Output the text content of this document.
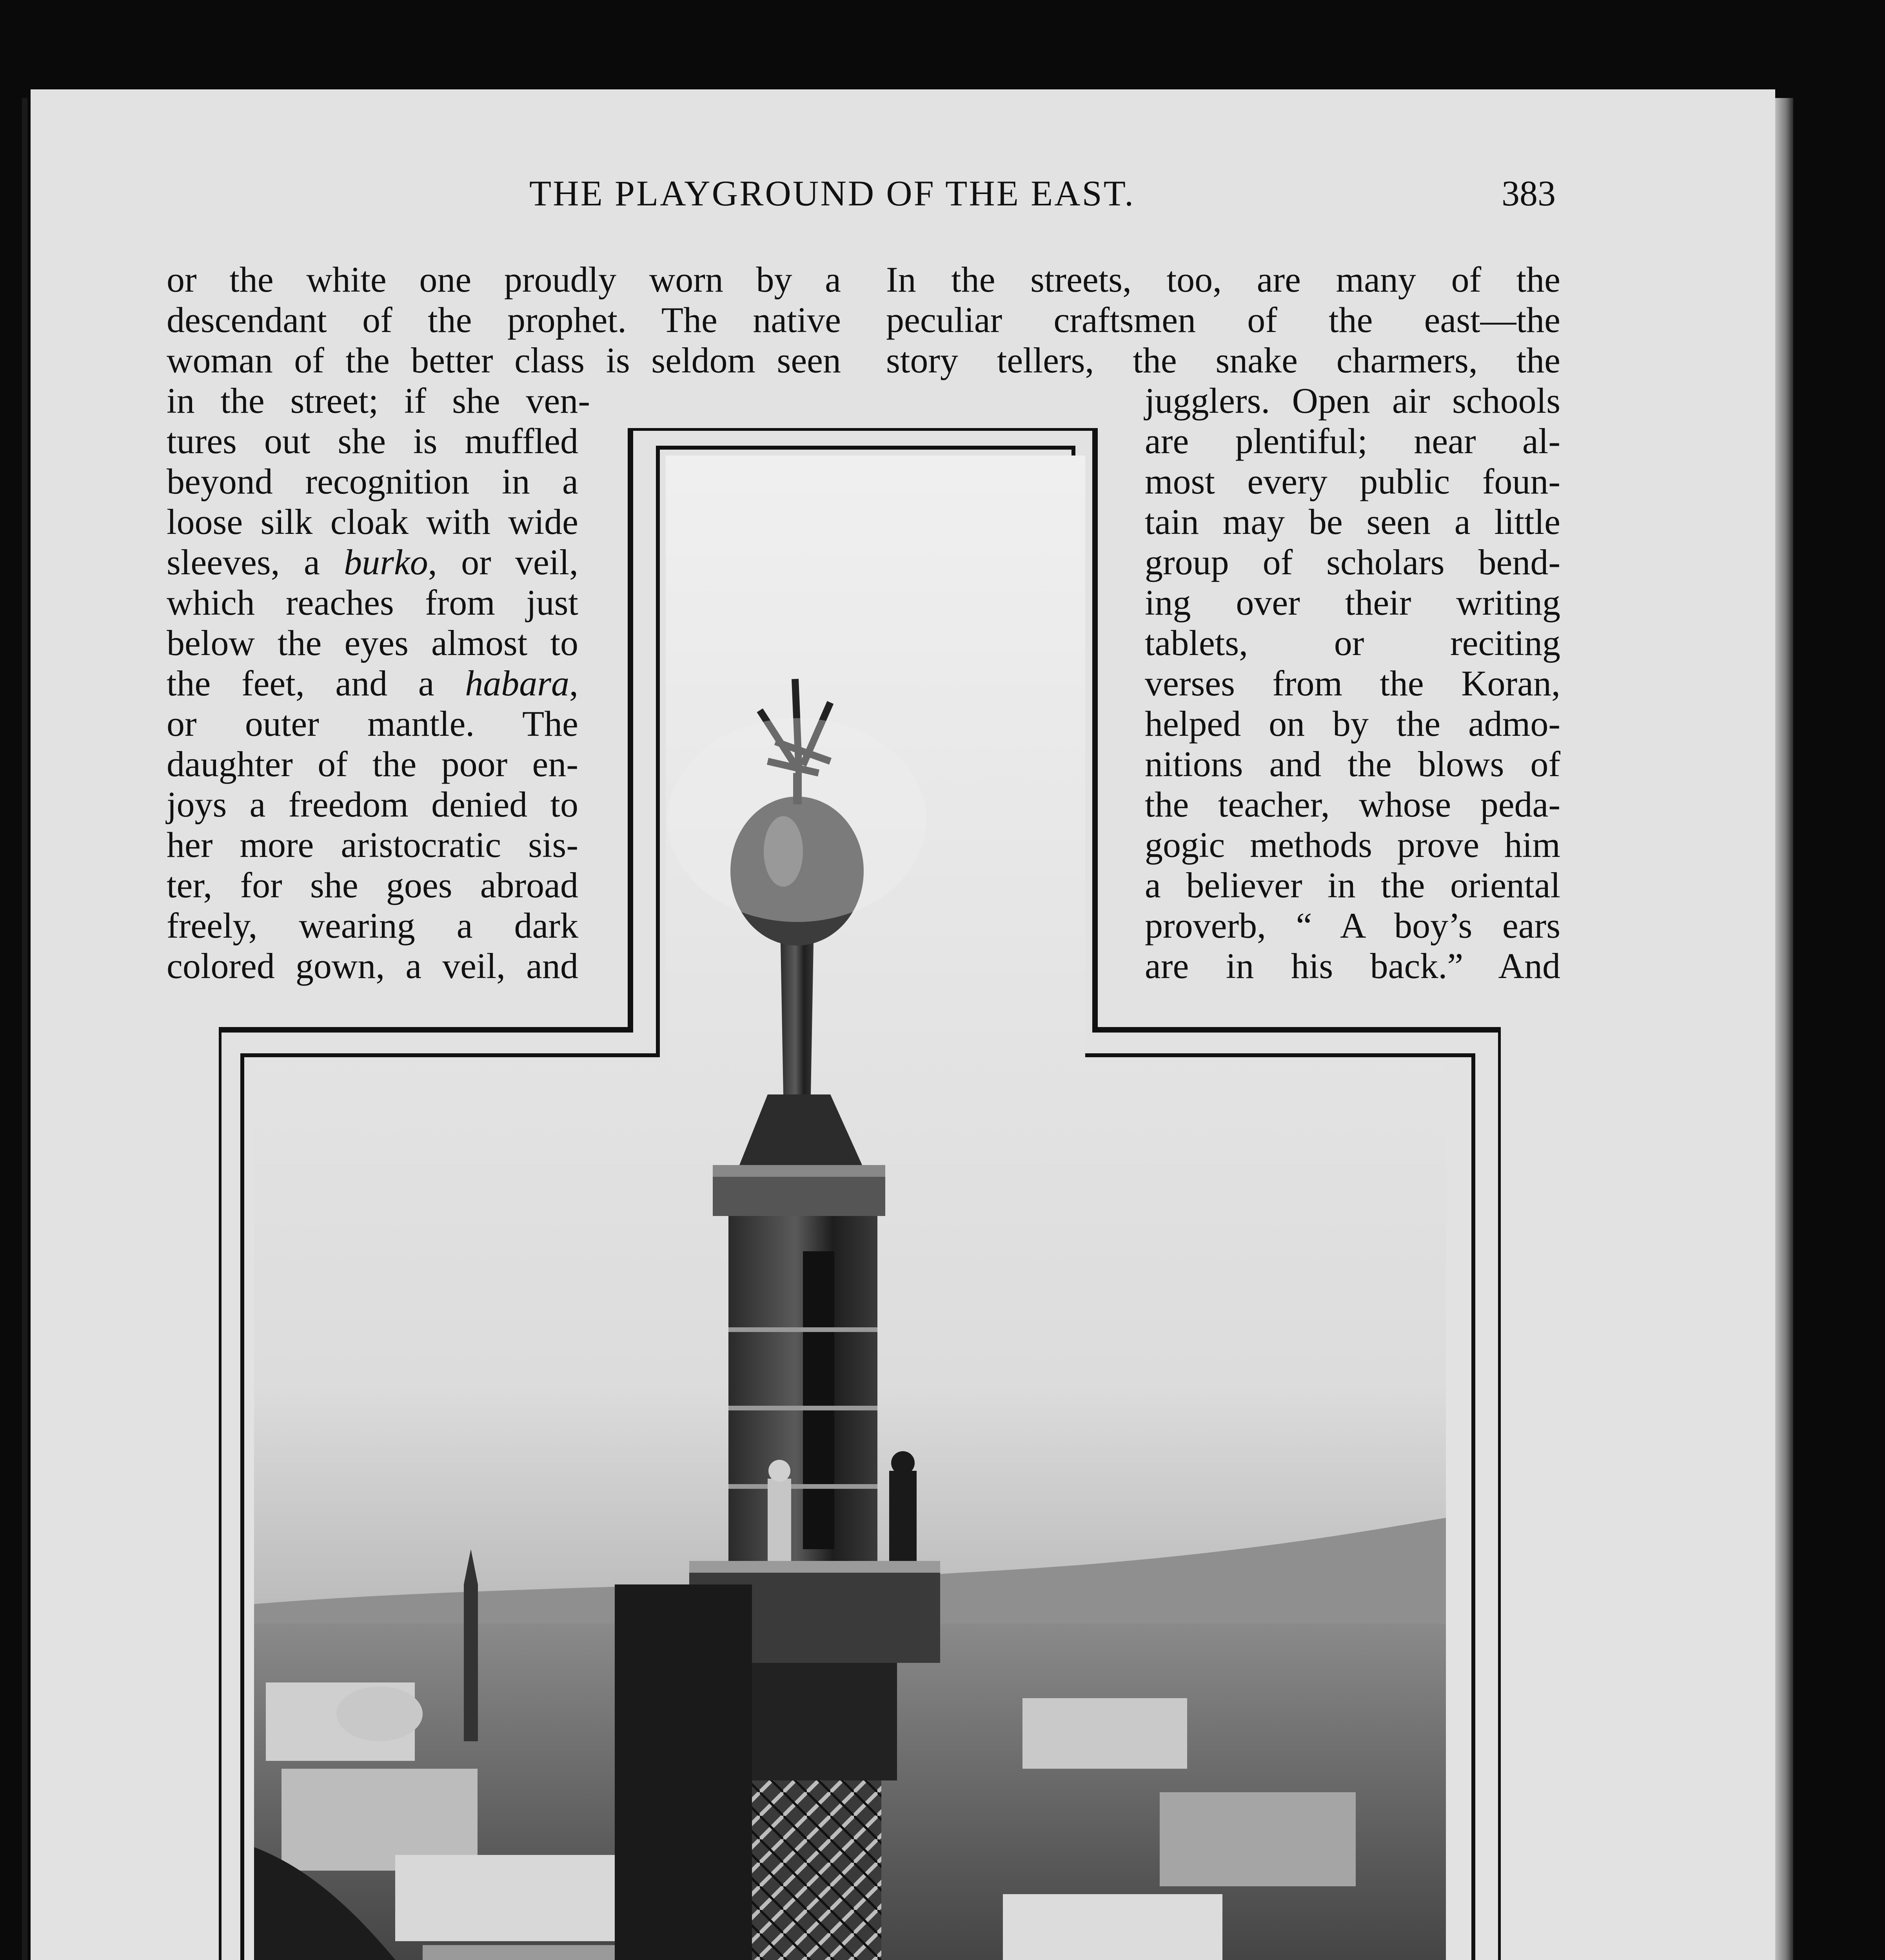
THE PLAYGROUND OF THE EAST.	383
or the white one proudly worn by a
descendant of the prophet. The native
woman of the better class is seldom seen
in the street; if she ven-
tures out she is muffled
beyond recognition in a
loose silk cloak with wide
sleeves, a burko, or veil,
which reaches from just
below the eyes almost to
the feet, and a habara,
or outer mantle. The
daughter of the poor en-
joys a freedom denied to
her more aristocratic sis-
ter, for she goes abroad
freely, wearing a dark
colored gown, a veil, and
In the streets, too, are many of the
peculiar craftsmen of the east—the
story tellers, the snake charmers, the
jugglers. Open air schools
are plentiful; near al-
most every public foun-
tain may be seen a little
group of scholars bend-
ing over their writing
tablets, or reciting
verses from the Koran,
helped on by the admo-
nitions and the blows of
the teacher, whose peda-
gogic methods prove him
a believer in the oriental
proverb, “ A boy’s ears
are in his back.” And
